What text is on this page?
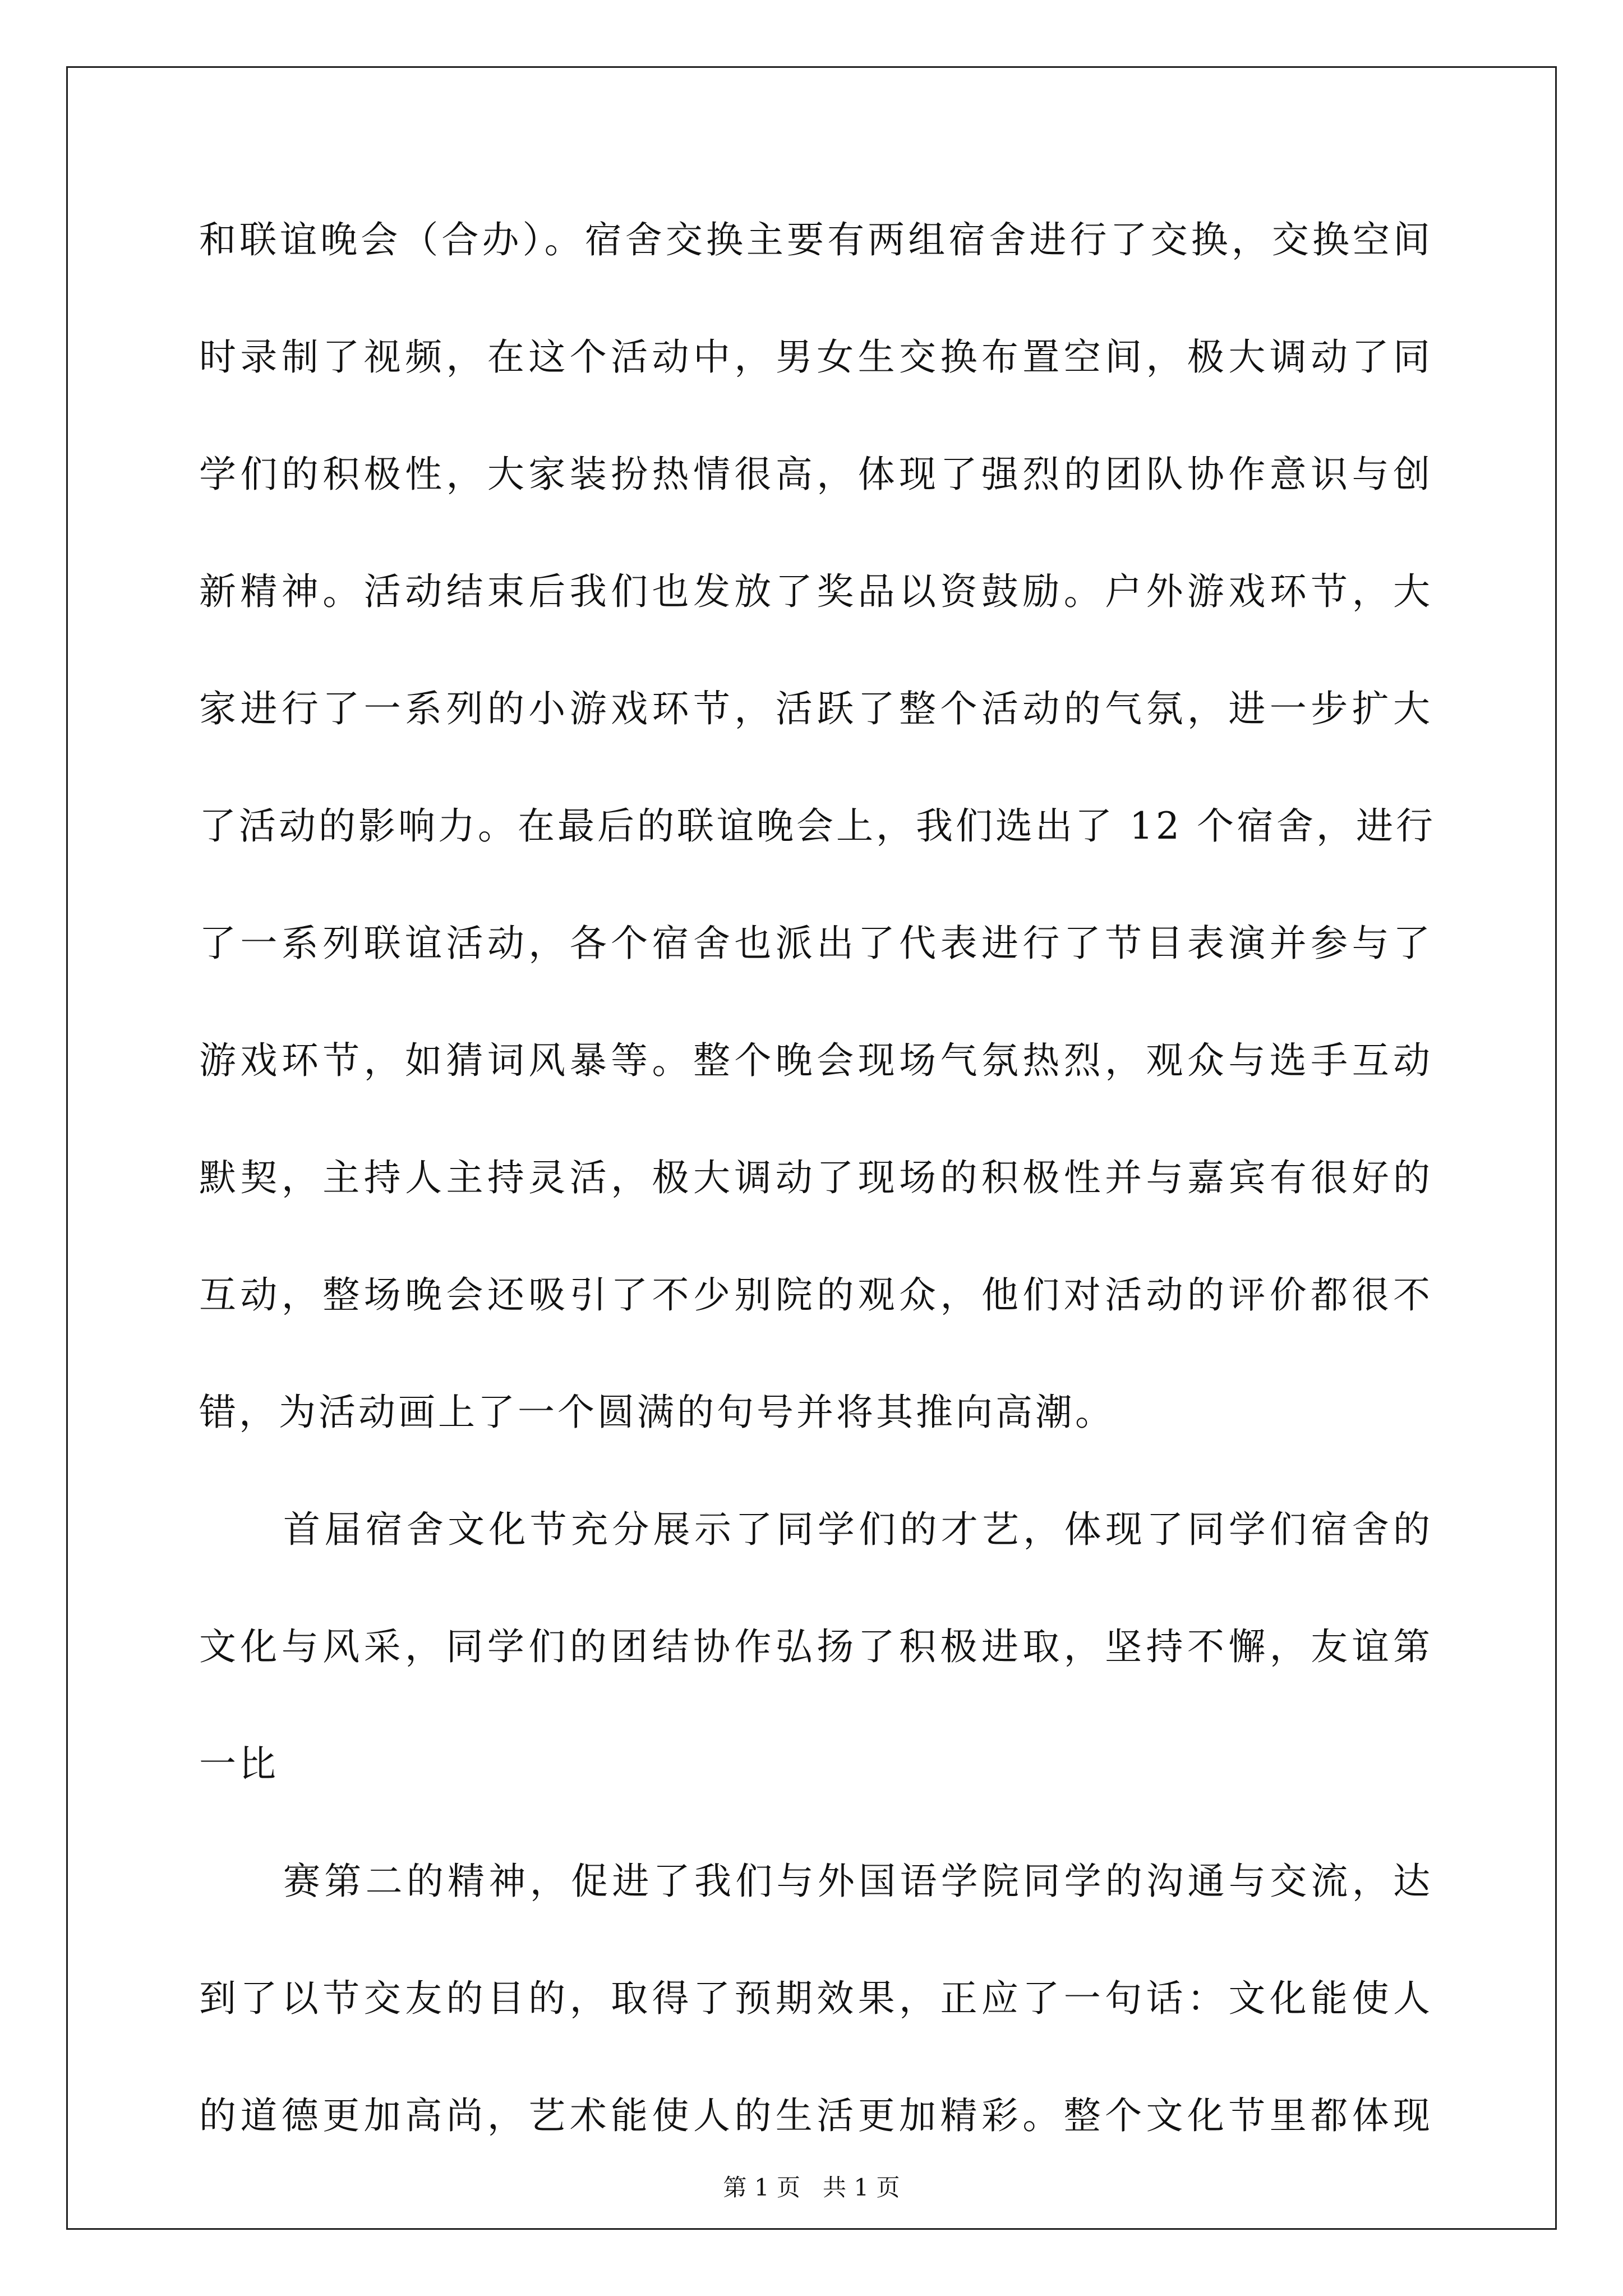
和联谊晚会（合办）。宿舍交换主要有两组宿舍进行了交换，交换空间
时录制了视频，在这个活动中，男女生交换布置空间，极大调动了同
学们的积极性，大家装扮热情很高，体现了强烈的团队协作意识与创
新精神。活动结束后我们也发放了奖品以资鼓励。户外游戏环节，大
家进行了一系列的小游戏环节，活跃了整个活动的气氛，进一步扩大
了活动的影响力。在最后的联谊晚会上，我们选出了 12 个宿舍，进行
了一系列联谊活动，各个宿舍也派出了代表进行了节目表演并参与了
游戏环节，如猜词风暴等。整个晚会现场气氛热烈，观众与选手互动
默契，主持人主持灵活，极大调动了现场的积极性并与嘉宾有很好的
互动，整场晚会还吸引了不少别院的观众，他们对活动的评价都很不
错，为活动画上了一个圆满的句号并将其推向高潮。
首届宿舍文化节充分展示了同学们的才艺，体现了同学们宿舍的
文化与风采，同学们的团结协作弘扬了积极进取，坚持不懈，友谊第
一比
赛第二的精神，促进了我们与外国语学院同学的沟通与交流，达
到了以节交友的目的，取得了预期效果，正应了一句话：文化能使人
的道德更加高尚，艺术能使人的生活更加精彩。整个文化节里都体现
第 1 页   共 1 页
